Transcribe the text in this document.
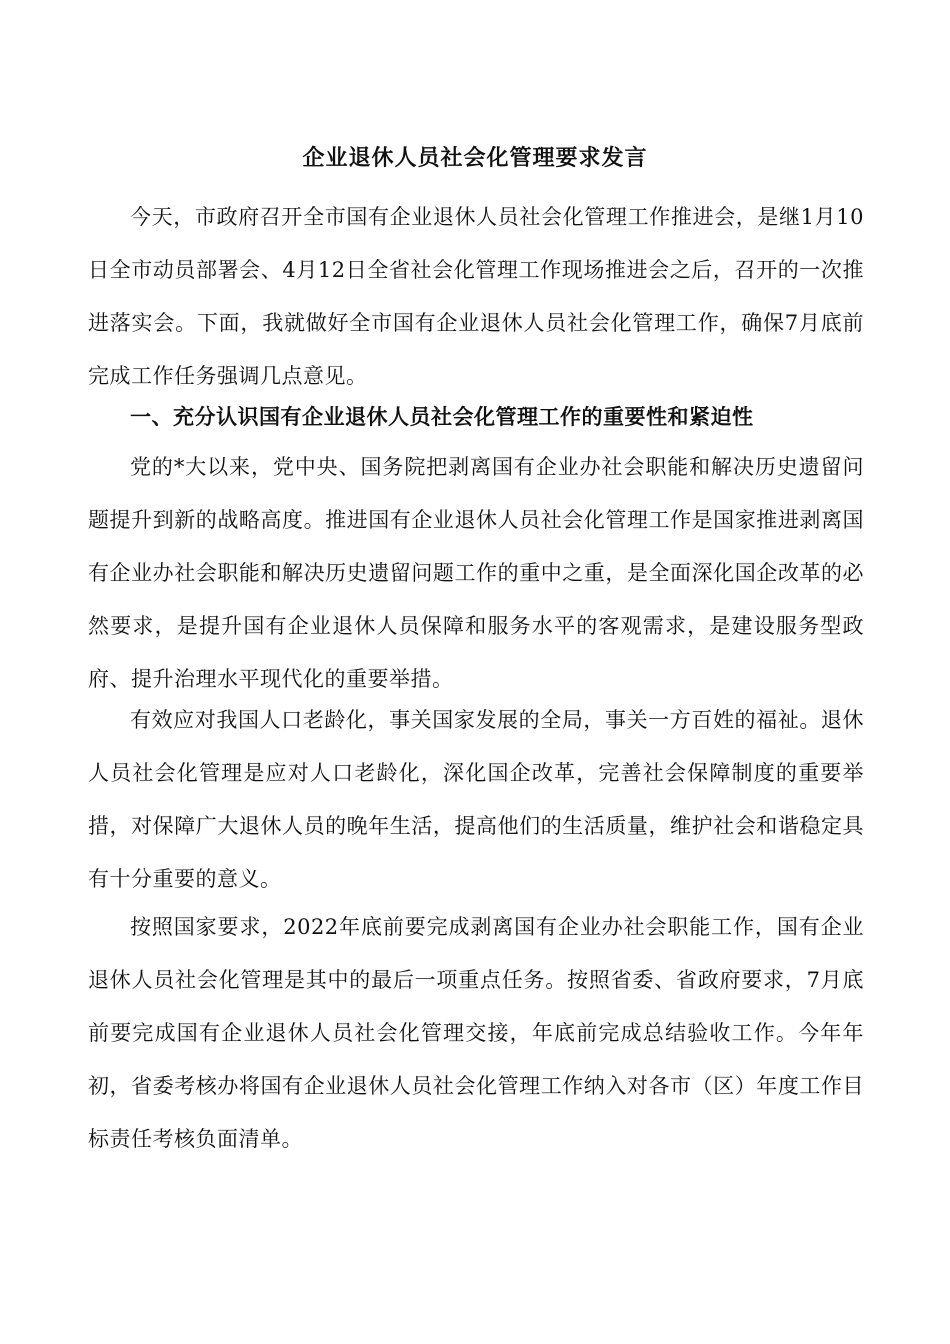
企业退休人员社会化管理要求发言

今天，市政府召开全市国有企业退休人员社会化管理工作推进会，是继1月10日全市动员部署会、4月12日全省社会化管理工作现场推进会之后，召开的一次推进落实会。下面，我就做好全市国有企业退休人员社会化管理工作，确保7月底前完成工作任务强调几点意见。

一、充分认识国有企业退休人员社会化管理工作的重要性和紧迫性

党的*大以来，党中央、国务院把剥离国有企业办社会职能和解决历史遗留问题提升到新的战略高度。推进国有企业退休人员社会化管理工作是国家推进剥离国有企业办社会职能和解决历史遗留问题工作的重中之重，是全面深化国企改革的必然要求，是提升国有企业退休人员保障和服务水平的客观需求，是建设服务型政府、提升治理水平现代化的重要举措。

有效应对我国人口老龄化，事关国家发展的全局，事关一方百姓的福祉。退休人员社会化管理是应对人口老龄化，深化国企改革，完善社会保障制度的重要举措，对保障广大退休人员的晚年生活，提高他们的生活质量，维护社会和谐稳定具有十分重要的意义。

按照国家要求，2022年底前要完成剥离国有企业办社会职能工作，国有企业退休人员社会化管理是其中的最后一项重点任务。按照省委、省政府要求，7月底前要完成国有企业退休人员社会化管理交接，年底前完成总结验收工作。今年年初，省委考核办将国有企业退休人员社会化管理工作纳入对各市（区）年度工作目标责任考核负面清单。
